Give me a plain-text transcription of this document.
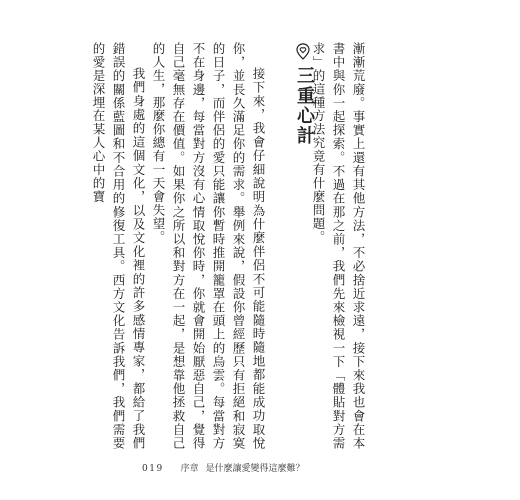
漸漸荒廢。事實上還有其他方法，不必捨近求遠，接下來我也會在本書中與你一起探索。不過在那之前，我們先來檢視一下「體貼對方需求」的這種方法究竟有什麼問題。

三重心計

接下來，我會仔細說明為什麼伴侶不可能隨時隨地都能成功取悅你，並長久滿足你的需求。舉例來說，假設你曾經歷只有拒絕和寂寞的日子，而伴侶的愛只能讓你暫時推開籠罩在頭上的烏雲。每當對方不在身邊，每當對方沒有心情取悅你時，你就會開始厭惡自己，覺得自己毫無存在價值。如果你之所以和對方在一起，是想靠他拯救自己的人生，那麼你總有一天會失望。

我們身處的這個文化，以及文化裡的許多感情專家，都給了我們錯誤的關係藍圖和不合用的修復工具。西方文化告訴我們，我們需要的愛是深埋在某人心中的寶

019 序章 是什麼讓愛變得這麼難？
